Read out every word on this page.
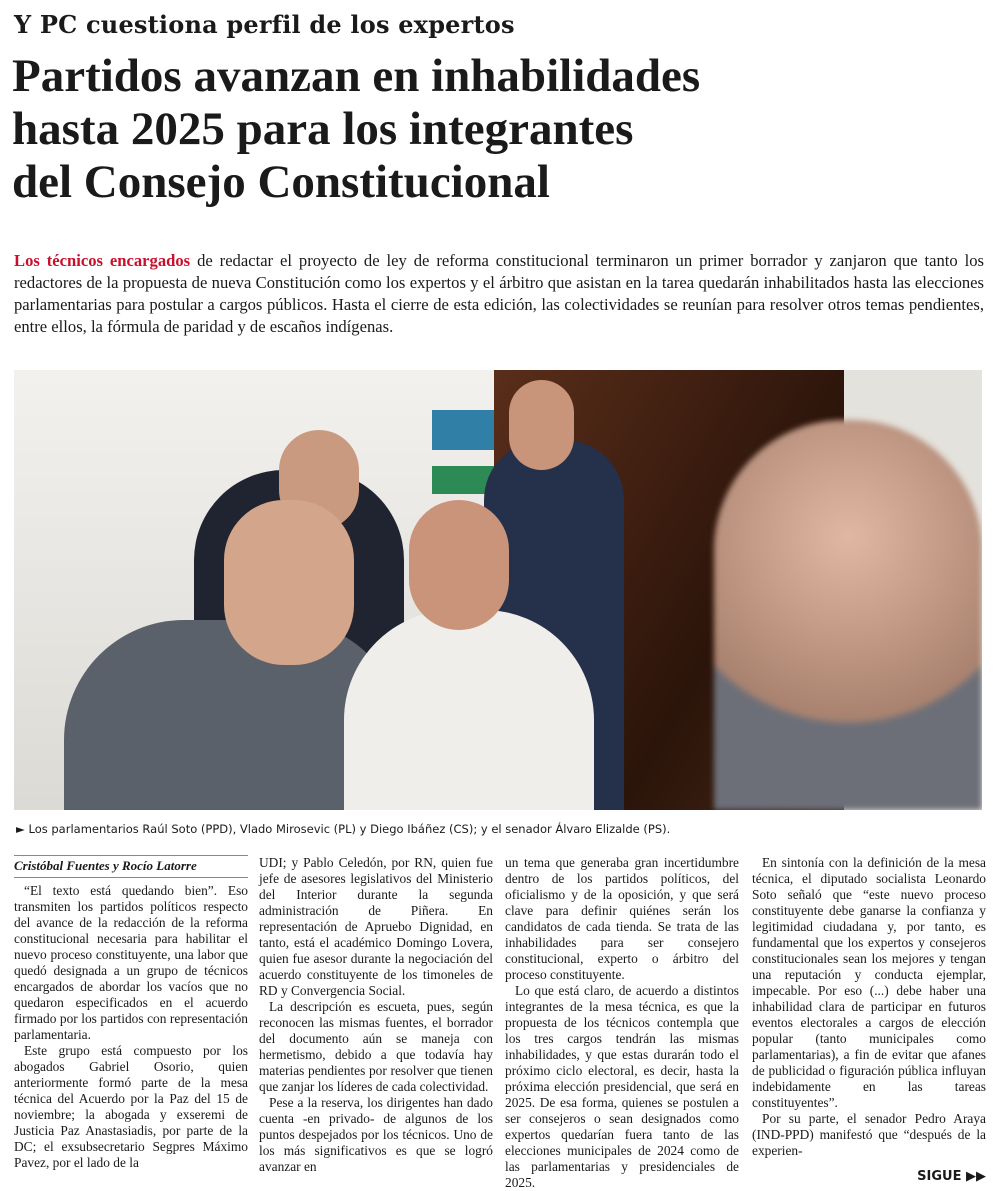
Y PC cuestiona perfil de los expertos
Partidos avanzan en inhabilidades
hasta 2025 para los integrantes
del Consejo Constitucional

Los técnicos encargados de redactar el proyecto de ley de reforma constitucional terminaron un primer borrador y zanjaron que tanto los redactores de la propuesta de nueva Constitución como los expertos y el árbitro que asistan en la tarea quedarán inhabilitados hasta las elecciones parlamentarias para postular a cargos públicos. Hasta el cierre de esta edición, las colectividades se reunían para resolver otros temas pendientes, entre ellos, la fórmula de paridad y de escaños indígenas.

► Los parlamentarios Raúl Soto (PPD), Vlado Mirosevic (PL) y Diego Ibáñez (CS); y el senador Álvaro Elizalde (PS).
Cristóbal Fuentes y Rocío Latorre

“El texto está quedando bien”. Eso transmiten los partidos políticos respecto del avance de la redacción de la reforma constitucional necesaria para habilitar el nuevo proceso constituyente, una labor que quedó designada a un grupo de técnicos encargados de abordar los vacíos que no quedaron especificados en el acuerdo firmado por los partidos con representación parlamentaria.

Este grupo está compuesto por los abogados Gabriel Osorio, quien anteriormente formó parte de la mesa técnica del Acuerdo por la Paz del 15 de noviembre; la abogada y exseremi de Justicia Paz Anastasiadis, por parte de la DC; el exsubsecretario Segpres Máximo Pavez, por el lado de la

UDI; y Pablo Celedón, por RN, quien fue jefe de asesores legislativos del Ministerio del Interior durante la segunda administración de Piñera. En representación de Apruebo Dignidad, en tanto, está el académico Domingo Lovera, quien fue asesor durante la negociación del acuerdo constituyente de los timoneles de RD y Convergencia Social.

La descripción es escueta, pues, según reconocen las mismas fuentes, el borrador del documento aún se maneja con hermetismo, debido a que todavía hay materias pendientes por resolver que tienen que zanjar los líderes de cada colectividad.

Pese a la reserva, los dirigentes han dado cuenta -en privado- de algunos de los puntos despejados por los técnicos. Uno de los más significativos es que se logró avanzar en

un tema que generaba gran incertidumbre dentro de los partidos políticos, del oficialismo y de la oposición, y que será clave para definir quiénes serán los candidatos de cada tienda. Se trata de las inhabilidades para ser consejero constitucional, experto o árbitro del proceso constituyente.

Lo que está claro, de acuerdo a distintos integrantes de la mesa técnica, es que la propuesta de los técnicos contempla que los tres cargos tendrán las mismas inhabilidades, y que estas durarán todo el próximo ciclo electoral, es decir, hasta la próxima elección presidencial, que será en 2025. De esa forma, quienes se postulen a ser consejeros o sean designados como expertos quedarían fuera tanto de las elecciones municipales de 2024 como de las parlamentarias y presidenciales de 2025.

En sintonía con la definición de la mesa técnica, el diputado socialista Leonardo Soto señaló que “este nuevo proceso constituyente debe ganarse la confianza y legitimidad ciudadana y, por tanto, es fundamental que los expertos y consejeros constitucionales sean los mejores y tengan una reputación y conducta ejemplar, impecable. Por eso (...) debe haber una inhabilidad clara de participar en futuros eventos electorales a cargos de elección popular (tanto municipales como parlamentarias), a fin de evitar que afanes de publicidad o figuración pública influyan indebidamente en las tareas constituyentes”.

Por su parte, el senador Pedro Araya (IND-PPD) manifestó que “después de la experien-

SIGUE ▶▶
